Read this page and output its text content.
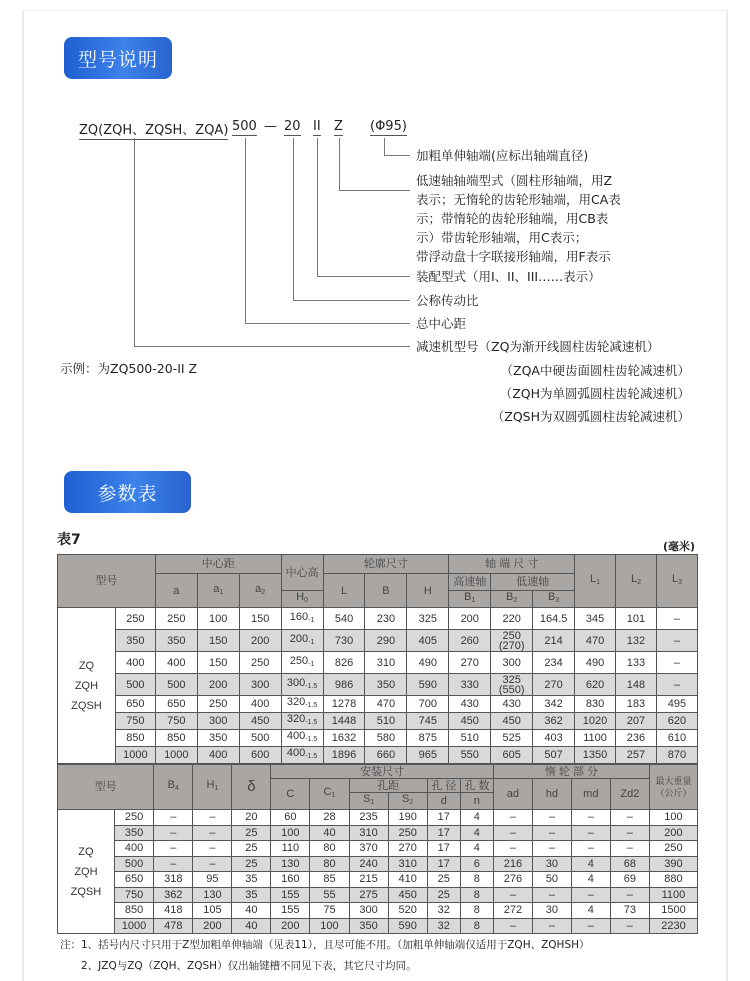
型号说明
ZQ(ZQH、ZQSH、ZQA) 500 — 20 II Z (Φ95)
加粗单伸轴端(应标出轴端直径)
低速轴轴端型式（圆柱形轴端，用Z
表示；无惰轮的齿轮形轴端，用CA表
示；带惰轮的齿轮形轴端，用CB表
示）带齿轮形轴端，用C表示；
带浮动盘十字联接形轴端，用F表示
装配型式（用I、II、III……表示）
公称传动比
总中心距
减速机型号（ZQ为渐开线圆柱齿轮减速机）
示例：为ZQ500-20-II Z	（ZQA中硬齿面圆柱齿轮减速机）
（ZQH为单圆弧圆柱齿轮减速机）
（ZQSH为双圆弧圆柱齿轮减速机）
参数表
表7	(毫米)
型号		中心距			中心高	轮廓尺寸			轴 端 尺 寸			$L_1$	$L_2$	$L_3$
		a	$a_1$	$a_2$		L	B	H	高速轴	低速轴				
					$H_0$				$B_1$	$B_2$	$B_3$

ZQ
ZQH
ZQSH	250	250	100	150	$160_{-1}$	540	230	325	200	220	164.5	345	101	–
	350	350	150	200	$200_{-1}$	730	290	405	260	250
(270)	214	470	132	–
	400	400	150	250	$250_{-1}$	826	310	490	270	300	234	490	133	–
	500	500	200	300	$300_{-1.5}$	986	350	590	330	325
(550)	270	620	148	–
	650	650	250	400	$320_{-1.5}$	1278	470	700	430	430	342	830	183	495
	750	750	300	450	$320_{-1.5}$	1448	510	745	450	450	362	1020	207	620
	850	850	350	500	$400_{-1.5}$	1632	580	875	510	525	403	1100	236	610
	1000	1000	400	600	$400_{-1.5}$	1896	660	965	550	605	507	1350	257	870
型号		$B_4$	$H_1$	δ	安装尺寸						惰 轮 部 分				最大重量
（公斤）

					C	$C_1$	孔距		孔 径	孔 数	ad	hd	md	Zd2	
							$S_1$	$S_2$	d	n					

ZQ
ZQH
ZQSH	250	–	–	20	60	28	235	190	17	4	–	–	–	–	100
	350	–	–	25	100	40	310	250	17	4	–	–	–	–	200
	400	–	–	25	110	80	370	270	17	4	–	–	–	–	250
	500	–	–	25	130	80	240	310	17	6	216	30	4	68	390
	650	318	95	35	160	85	215	410	25	8	276	50	4	69	880
	750	362	130	35	155	55	275	450	25	8	–	–	–	–	1100
	850	418	105	40	155	75	300	520	32	8	272	30	4	73	1500
	1000	478	200	40	200	100	350	590	32	8	–	–	–	–	2230
注：1、括号内尺寸只用于Z型加粗单伸轴端（见表11），且尽可能不用。（加粗单伸轴端仅适用于ZQH、ZQHSH）
2、JZQ与ZQ（ZQH、ZQSH）仅出轴键槽不同见下表，其它尺寸均同。
